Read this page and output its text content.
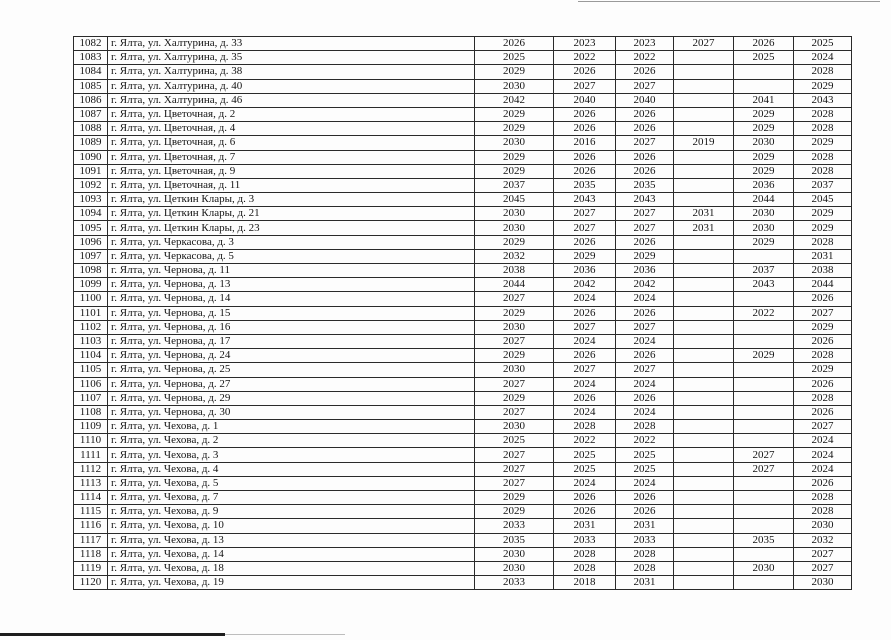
1082	г. Ялта, ул. Халтурина, д. 33	2026	2023	2023	2027	2026	2025
1083	г. Ялта, ул. Халтурина, д. 35	2025	2022	2022		2025	2024
1084	г. Ялта, ул. Халтурина, д. 38	2029	2026	2026			2028
1085	г. Ялта, ул. Халтурина, д. 40	2030	2027	2027			2029
1086	г. Ялта, ул. Халтурина, д. 46	2042	2040	2040		2041	2043
1087	г. Ялта, ул. Цветочная, д. 2	2029	2026	2026		2029	2028
1088	г. Ялта, ул. Цветочная, д. 4	2029	2026	2026		2029	2028
1089	г. Ялта, ул. Цветочная, д. 6	2030	2016	2027	2019	2030	2029
1090	г. Ялта, ул. Цветочная, д. 7	2029	2026	2026		2029	2028
1091	г. Ялта, ул. Цветочная, д. 9	2029	2026	2026		2029	2028
1092	г. Ялта, ул. Цветочная, д. 11	2037	2035	2035		2036	2037
1093	г. Ялта, ул. Цеткин Клары, д. 3	2045	2043	2043		2044	2045
1094	г. Ялта, ул. Цеткин Клары, д. 21	2030	2027	2027	2031	2030	2029
1095	г. Ялта, ул. Цеткин Клары, д. 23	2030	2027	2027	2031	2030	2029
1096	г. Ялта, ул. Черкасова, д. 3	2029	2026	2026		2029	2028
1097	г. Ялта, ул. Черкасова, д. 5	2032	2029	2029			2031
1098	г. Ялта, ул. Чернова, д. 11	2038	2036	2036		2037	2038
1099	г. Ялта, ул. Чернова, д. 13	2044	2042	2042		2043	2044
1100	г. Ялта, ул. Чернова, д. 14	2027	2024	2024			2026
1101	г. Ялта, ул. Чернова, д. 15	2029	2026	2026		2022	2027
1102	г. Ялта, ул. Чернова, д. 16	2030	2027	2027			2029
1103	г. Ялта, ул. Чернова, д. 17	2027	2024	2024			2026
1104	г. Ялта, ул. Чернова, д. 24	2029	2026	2026		2029	2028
1105	г. Ялта, ул. Чернова, д. 25	2030	2027	2027			2029
1106	г. Ялта, ул. Чернова, д. 27	2027	2024	2024			2026
1107	г. Ялта, ул. Чернова, д. 29	2029	2026	2026			2028
1108	г. Ялта, ул. Чернова, д. 30	2027	2024	2024			2026
1109	г. Ялта, ул. Чехова, д. 1	2030	2028	2028			2027
1110	г. Ялта, ул. Чехова, д. 2	2025	2022	2022			2024
1111	г. Ялта, ул. Чехова, д. 3	2027	2025	2025		2027	2024
1112	г. Ялта, ул. Чехова, д. 4	2027	2025	2025		2027	2024
1113	г. Ялта, ул. Чехова, д. 5	2027	2024	2024			2026
1114	г. Ялта, ул. Чехова, д. 7	2029	2026	2026			2028
1115	г. Ялта, ул. Чехова, д. 9	2029	2026	2026			2028
1116	г. Ялта, ул. Чехова, д. 10	2033	2031	2031			2030
1117	г. Ялта, ул. Чехова, д. 13	2035	2033	2033		2035	2032
1118	г. Ялта, ул. Чехова, д. 14	2030	2028	2028			2027
1119	г. Ялта, ул. Чехова, д. 18	2030	2028	2028		2030	2027
1120	г. Ялта, ул. Чехова, д. 19	2033	2018	2031			2030
